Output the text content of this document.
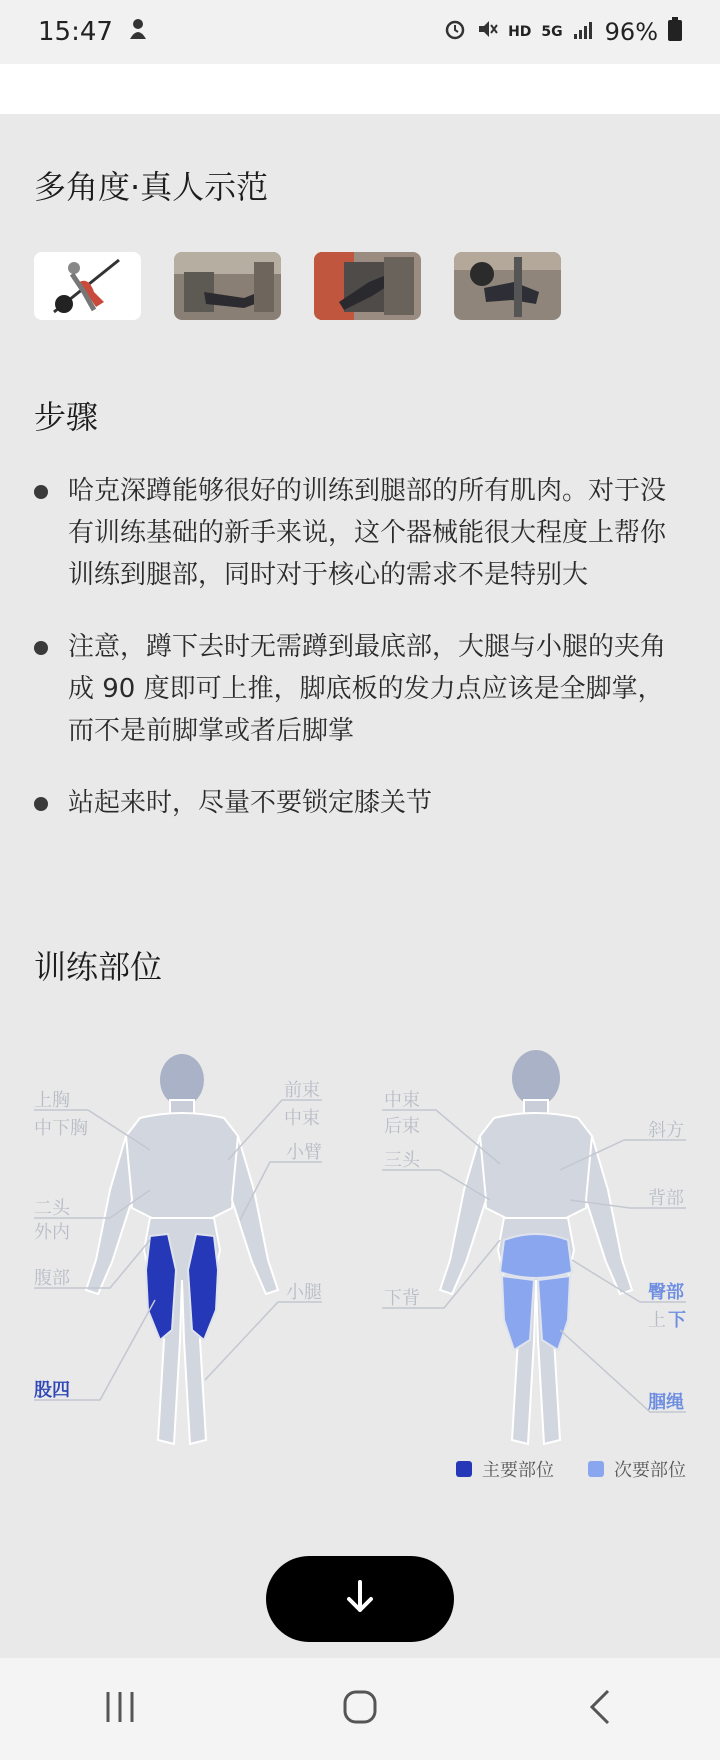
15:47	HD 5G 96%
多角度·真人示范
步骤
哈克深蹲能够很好的训练到腿部的所有肌肉。对于没有训练基础的新手来说，这个器械能很大程度上帮你训练到腿部，同时对于核心的需求不是特别大
注意，蹲下去时无需蹲到最底部，大腿与小腿的夹角成 90 度即可上推，脚底板的发力点应该是全脚掌，而不是前脚掌或者后脚掌
站起来时，尽量不要锁定膝关节
训练部位
上胸
中下胸
二头
外内
腹部
股四
前束
中束
小臂
小腿
中束
后束
三头
下背
斜方
背部
臀部
上 下
腘绳
主要部位	次要部位
